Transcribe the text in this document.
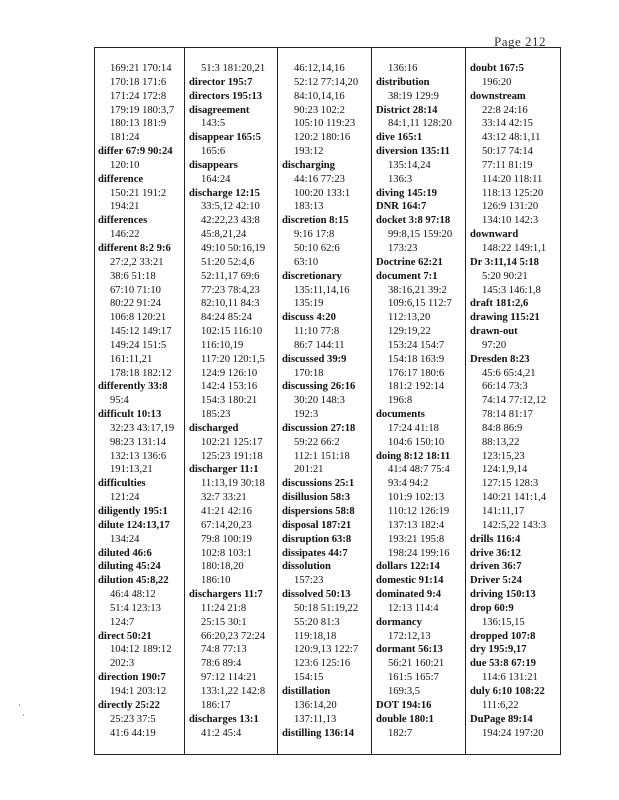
Page 212
169:21 170:14
170:18 171:6
171:24 172:8
179:19 180:3,7
180:13 181:9
181:24
differ 67:9 90:24
120:10
difference
150:21 191:2
194:21
differences
146:22
different 8:2 9:6
27:2,2 33:21
38:6 51:18
67:10 71:10
80:22 91:24
106:8 120:21
145:12 149:17
149:24 151:5
161:11,21
178:18 182:12
differently 33:8
95:4
difficult 10:13
32:23 43:17,19
98:23 131:14
132:13 136:6
191:13,21
difficulties
121:24
diligently 195:1
dilute 124:13,17
134:24
diluted 46:6
diluting 45:24
dilution 45:8,22
46:4 48:12
51:4 123:13
124:7
direct 50:21
104:12 189:12
202:3
direction 190:7
194:1 203:12
directly 25:22
25:23 37:5
41:6 44:19
51:3 181:20,21
director 195:7
directors 195:13
disagreement
143:5
disappear 165:5
165:6
disappears
164:24
discharge 12:15
33:5,12 42:10
42:22,23 43:8
45:8,21,24
49:10 50:16,19
51:20 52:4,6
52:11,17 69:6
77:23 78:4,23
82:10,11 84:3
84:24 85:24
102:15 116:10
116:10,19
117:20 120:1,5
124:9 126:10
142:4 153:16
154:3 180:21
185:23
discharged
102:21 125:17
125:23 191:18
discharger 11:1
11:13,19 30:18
32:7 33:21
41:21 42:16
67:14,20,23
79:8 100:19
102:8 103:1
180:18,20
186:10
dischargers 11:7
11:24 21:8
25:15 30:1
66:20,23 72:24
74:8 77:13
78:6 89:4
97:12 114:21
133:1,22 142:8
186:17
discharges 13:1
41:2 45:4
46:12,14,16
52:12 77:14,20
84:10,14,16
90:23 102:2
105:10 119:23
120:2 180:16
193:12
discharging
44:16 77:23
100:20 133:1
183:13
discretion 8:15
9:16 17:8
50:10 62:6
63:10
discretionary
135:11,14,16
135:19
discuss 4:20
11:10 77:8
86:7 144:11
discussed 39:9
170:18
discussing 26:16
30:20 148:3
192:3
discussion 27:18
59:22 66:2
112:1 151:18
201:21
discussions 25:1
disillusion 58:3
dispersions 58:8
disposal 187:21
disruption 63:8
dissipates 44:7
dissolution
157:23
dissolved 50:13
50:18 51:19,22
55:20 81:3
119:18,18
120:9,13 122:7
123:6 125:16
154:15
distillation
136:14,20
137:11,13
distilling 136:14
136:16
distribution
38:19 129:9
District 28:14
84:1,11 128:20
dive 165:1
diversion 135:11
135:14,24
136:3
diving 145:19
DNR 164:7
docket 3:8 97:18
99:8,15 159:20
173:23
Doctrine 62:21
document 7:1
38:16,21 39:2
109:6,15 112:7
112:13,20
129:19,22
153:24 154:7
154:18 163:9
176:17 180:6
181:2 192:14
196:8
documents
17:24 41:18
104:6 150:10
doing 8:12 18:11
41:4 48:7 75:4
93:4 94:2
101:9 102:13
110:12 126:19
137:13 182:4
193:21 195:8
198:24 199:16
dollars 122:14
domestic 91:14
dominated 9:4
12:13 114:4
dormancy
172:12,13
dormant 56:13
56:21 160:21
161:5 165:7
169:3,5
DOT 194:16
double 180:1
182:7
doubt 167:5
196:20
downstream
22:8 24:16
33:14 42:15
43:12 48:1,11
50:17 74:14
77:11 81:19
114:20 118:11
118:13 125:20
126:9 131:20
134:10 142:3
downward
148:22 149:1,1
Dr 3:11,14 5:18
5:20 90:21
145:3 146:1,8
draft 181:2,6
drawing 115:21
drawn-out
97:20
Dresden 8:23
45:6 65:4,21
66:14 73:3
74:14 77:12,12
78:14 81:17
84:8 86:9
88:13,22
123:15,23
124:1,9,14
127:15 128:3
140:21 141:1,4
141:11,17
142:5,22 143:3
drills 116:4
drive 36:12
driven 36:7
Driver 5:24
driving 150:13
drop 60:9
136:15,15
dropped 107:8
dry 195:9,17
due 53:8 67:19
114:6 131:21
duly 6:10 108:22
111:6,22
DuPage 89:14
194:24 197:20
·
·
